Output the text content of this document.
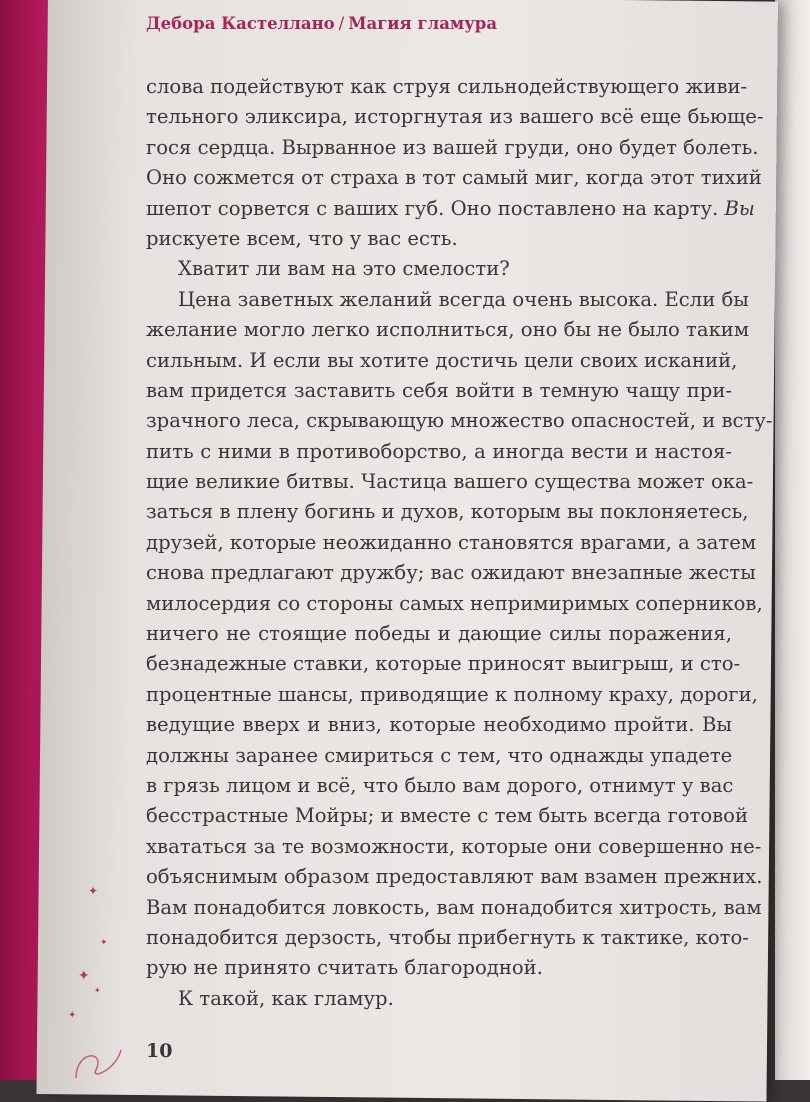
Дебора Кастеллано / Магия гламура
слова подействуют как струя сильнодействующего живи-
тельного эликсира, исторгнутая из вашего всё еще бьюще-
гося сердца. Вырванное из вашей груди, оно будет болеть.
Оно сожмется от страха в тот самый миг, когда этот тихий
шепот сорвется с ваших губ. Оно поставлено на карту. Вы
рискуете всем, что у вас есть.
Хватит ли вам на это смелости?
Цена заветных желаний всегда очень высока. Если бы
желание могло легко исполниться, оно бы не было таким
сильным. И если вы хотите достичь цели своих исканий,
вам придется заставить себя войти в темную чащу при-
зрачного леса, скрывающую множество опасностей, и всту-
пить с ними в противоборство, а иногда вести и настоя-
щие великие битвы. Частица вашего существа может ока-
заться в плену богинь и духов, которым вы поклоняетесь,
друзей, которые неожиданно становятся врагами, а затем
снова предлагают дружбу; вас ожидают внезапные жесты
милосердия со стороны самых непримиримых соперников,
ничего не стоящие победы и дающие силы поражения,
безнадежные ставки, которые приносят выигрыш, и сто-
процентные шансы, приводящие к полному краху, дороги,
ведущие вверх и вниз, которые необходимо пройти. Вы
должны заранее смириться с тем, что однажды упадете
в грязь лицом и всё, что было вам дорого, отнимут у вас
бесстрастные Мойры; и вместе с тем быть всегда готовой
хвататься за те возможности, которые они совершенно не-
объяснимым образом предоставляют вам взамен прежних.
Вам понадобится ловкость, вам понадобится хитрость, вам
понадобится дерзость, чтобы прибегнуть к тактике, кото-
рую не принято считать благородной.
К такой, как гламур.
10
✦
✦
✦
✦
✦
